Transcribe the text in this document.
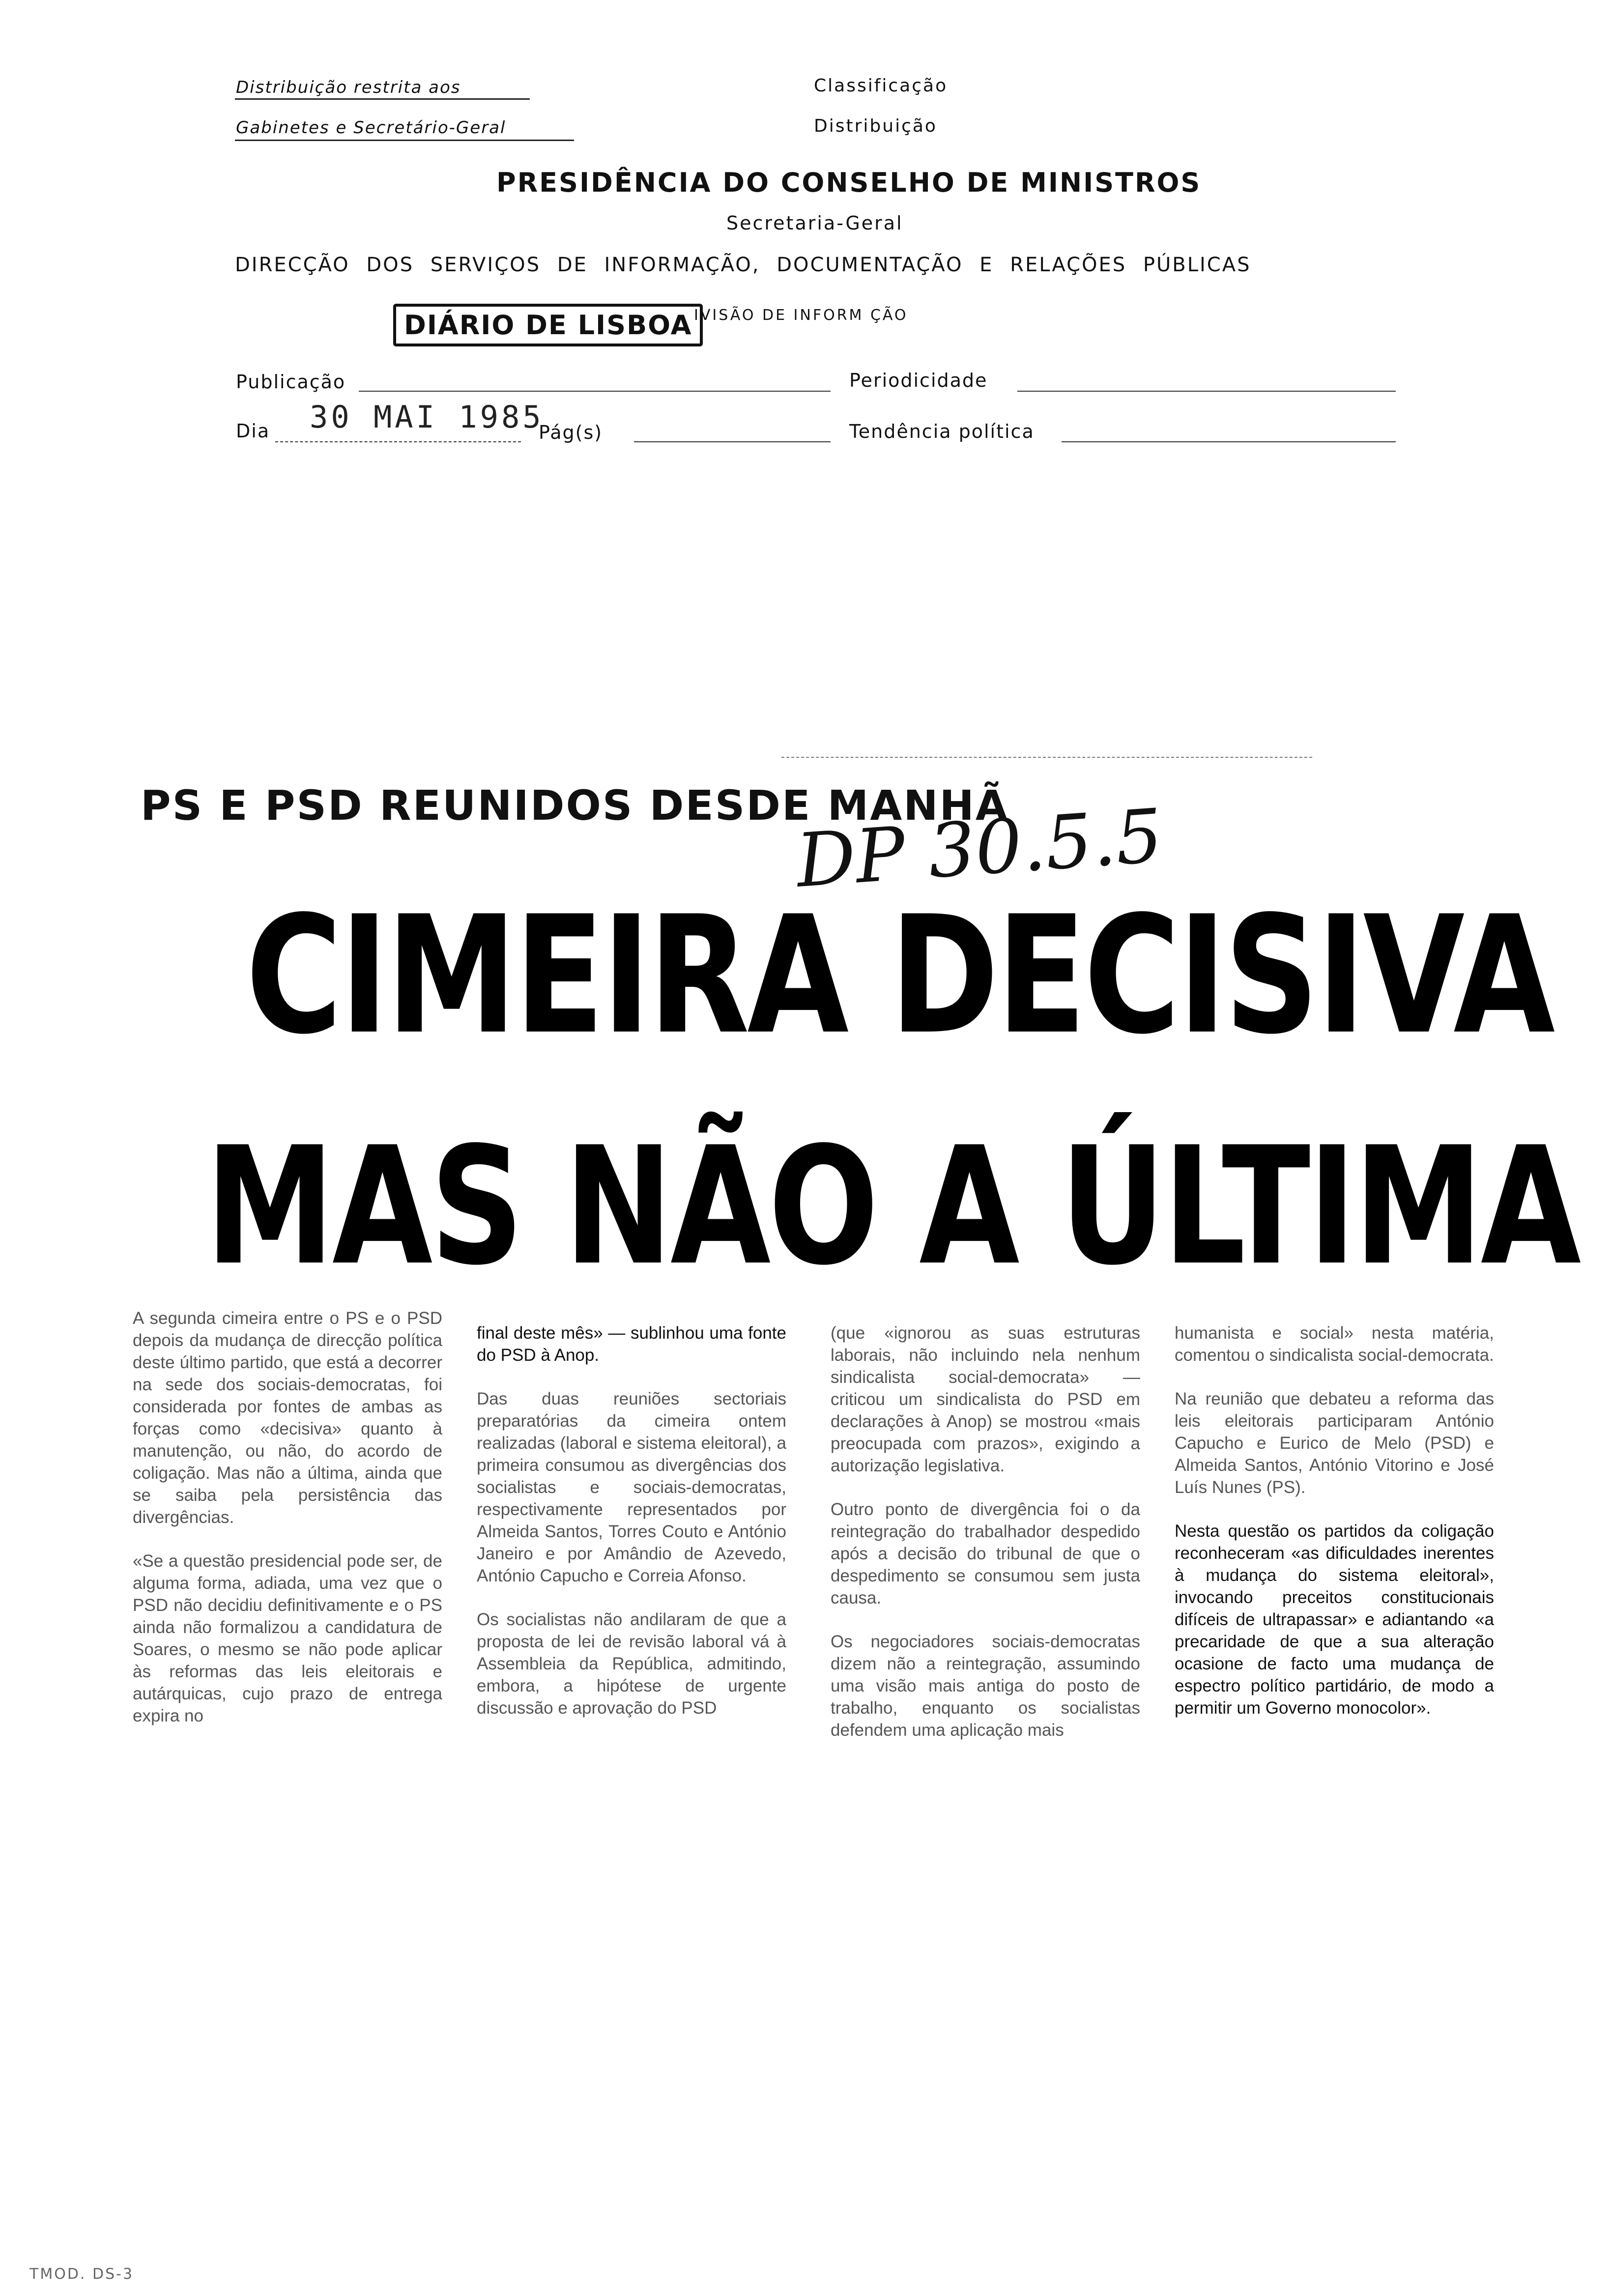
Distribuição restrita aos
Gabinetes e Secretário-Geral
Classificação
Distribuição
PRESIDÊNCIA DO CONSELHO DE MINISTROS
Secretaria-Geral
DIRECÇÃO DOS SERVIÇOS DE INFORMAÇÃO, DOCUMENTAÇÃO E RELAÇÕES PÚBLICAS
DIÁRIO DE LISBOA IVISÃO DE INFORM ÇÃO
Publicação	Periodicidade
Dia 30 MAI 1985
Pág(s)	Tendência política
PS E PSD REUNIDOS DESDE MANHÃ
DP 30.5.5
CIMEIRA DECISIVA
MAS NÃO A ÚLTIMA

A segunda cimeira entre o PS e o PSD depois da mudança de direcção política deste último partido, que está a decorrer na sede dos sociais-democratas, foi considerada por fontes de ambas as forças como «decisiva» quanto à manutenção, ou não, do acordo de coligação. Mas não a última, ainda que se saiba pela persistência das divergências.

«Se a questão presidencial pode ser, de alguma forma, adiada, uma vez que o PSD não decidiu definitivamente e o PS ainda não formalizou a candidatura de Soares, o mesmo se não pode aplicar às reformas das leis eleitorais e autárquicas, cujo prazo de entrega expira no

final deste mês» — sublinhou uma fonte do PSD à Anop.

Das duas reuniões sectoriais preparatórias da cimeira ontem realizadas (laboral e sistema eleitoral), a primeira consumou as divergências dos socialistas e sociais-democratas, respectivamente representados por Almeida Santos, Torres Couto e António Janeiro e por Amândio de Azevedo, António Capucho e Correia Afonso.

Os socialistas não andilaram de que a proposta de lei de revisão laboral vá à Assembleia da República, admitindo, embora, a hipótese de urgente discussão e aprovação do PSD

(que «ignorou as suas estruturas laborais, não incluindo nela nenhum sindicalista social-democrata» — criticou um sindicalista do PSD em declarações à Anop) se mostrou «mais preocupada com prazos», exigindo a autorização legislativa.

Outro ponto de divergência foi o da reintegração do trabalhador despedido após a decisão do tribunal de que o despedimento se consumou sem justa causa.

Os negociadores sociais-democratas dizem não a reintegração, assumindo uma visão mais antiga do posto de trabalho, enquanto os socialistas defendem uma aplicação mais

humanista e social» nesta matéria, comentou o sindicalista social-democrata.

Na reunião que debateu a reforma das leis eleitorais participaram António Capucho e Eurico de Melo (PSD) e Almeida Santos, António Vitorino e José Luís Nunes (PS).

Nesta questão os partidos da coligação reconheceram «as dificuldades inerentes à mudança do sistema eleitoral», invocando preceitos constitucionais difíceis de ultrapassar» e adiantando «a precaridade de que a sua alteração ocasione de facto uma mudança de espectro político partidário, de modo a permitir um Governo monocolor».

TMOD. DS-3
